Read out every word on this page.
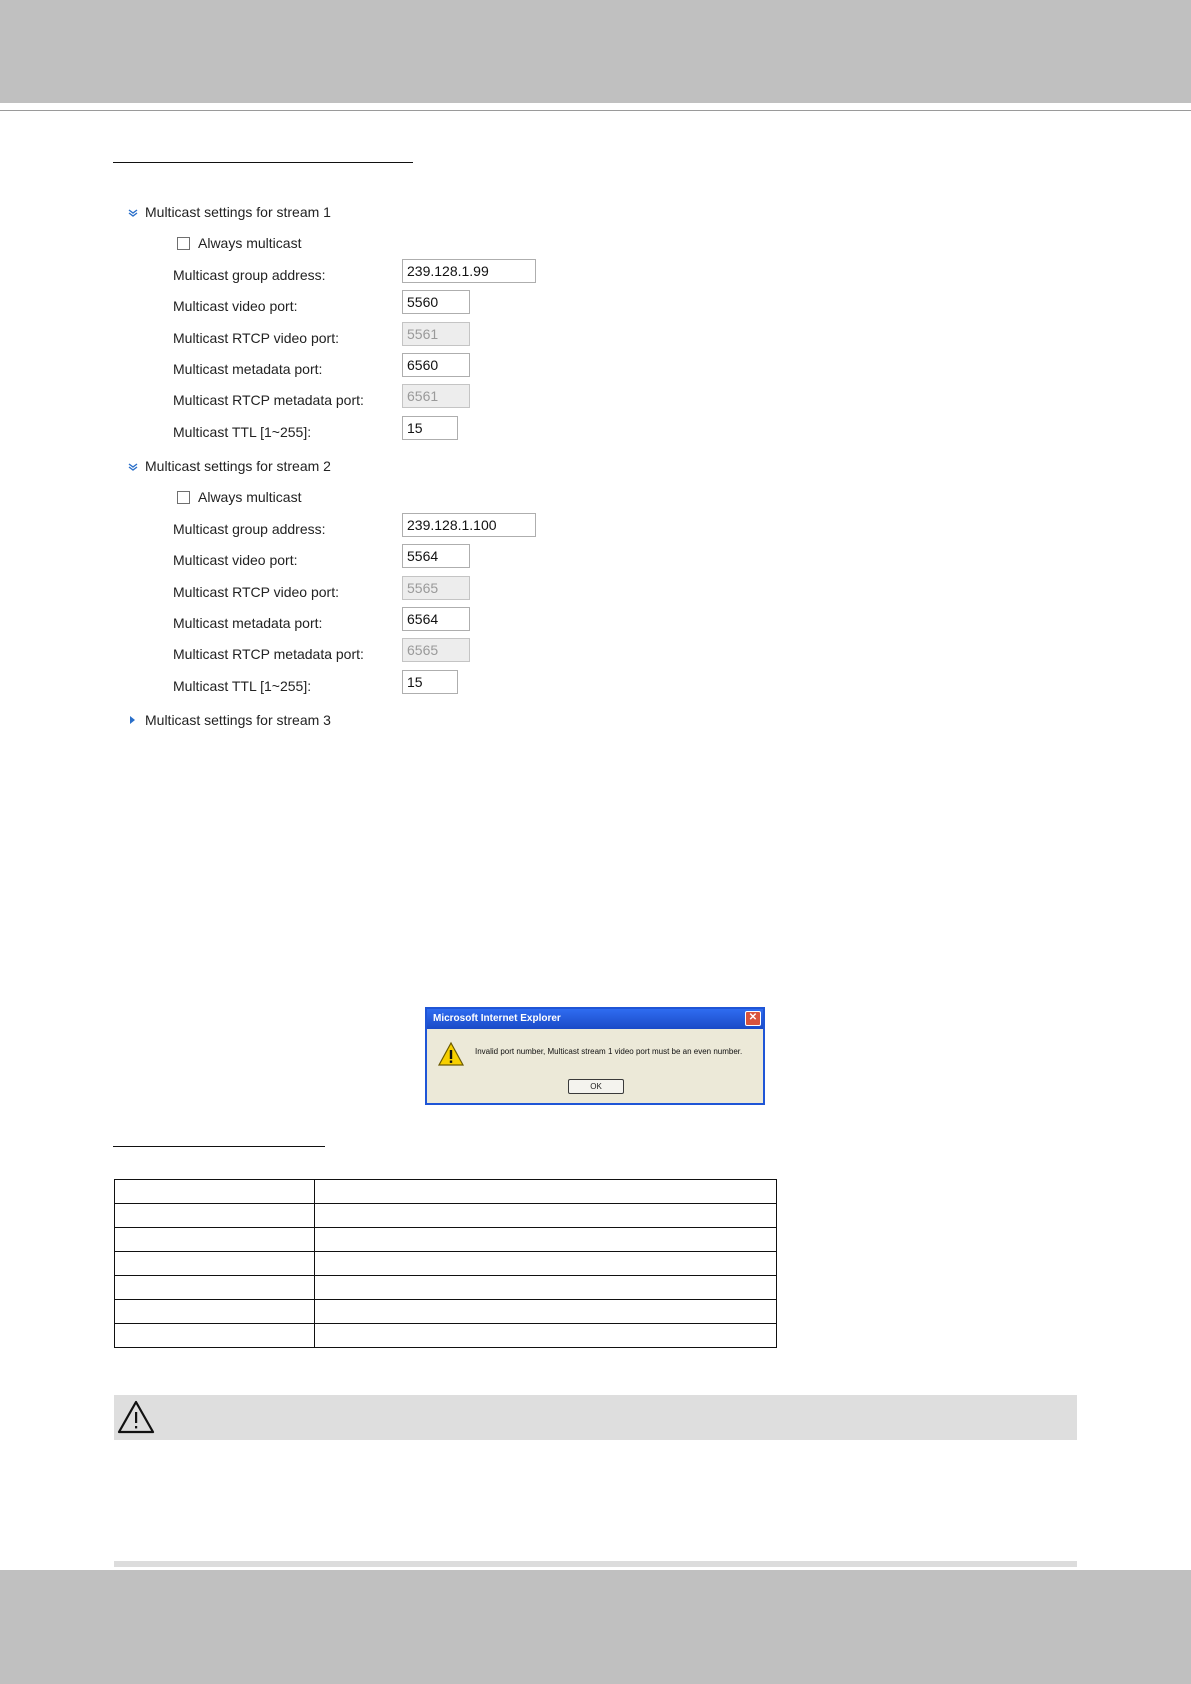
Multicast settings for stream 1
Always multicast
Multicast group address:	239.128.1.99
Multicast video port:	5560
Multicast RTCP video port:	5561
Multicast metadata port:	6560
Multicast RTCP metadata port:	6561
Multicast TTL [1~255]:	15
Multicast settings for stream 2
Always multicast
Multicast group address:	239.128.1.100
Multicast video port:	5564
Multicast RTCP video port:	5565
Multicast metadata port:	6564
Multicast RTCP metadata port:	6565
Multicast TTL [1~255]:	15
Multicast settings for stream 3
Microsoft Internet Explorer	✕
Invalid port number, Multicast stream 1 video port must be an even number.
OK
